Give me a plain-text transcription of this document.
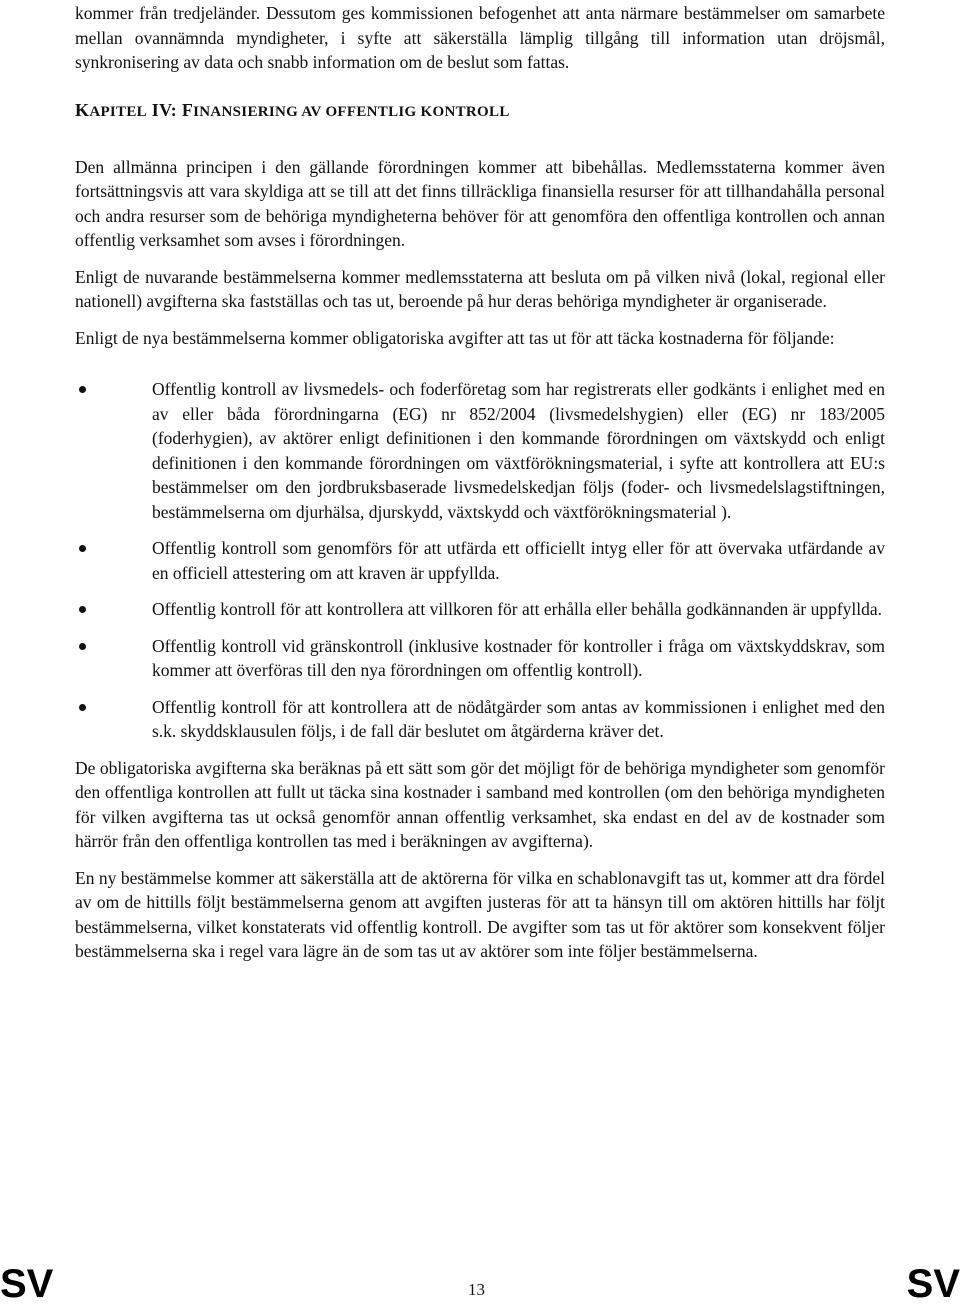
kommer från tredjeländer. Dessutom ges kommissionen befogenhet att anta närmare bestämmelser om samarbete mellan ovannämnda myndigheter, i syfte att säkerställa lämplig tillgång till information utan dröjsmål, synkronisering av data och snabb information om de beslut som fattas.

KAPITEL IV: FINANSIERING AV OFFENTLIG KONTROLL

Den allmänna principen i den gällande förordningen kommer att bibehållas. Medlemsstaterna kommer även fortsättningsvis att vara skyldiga att se till att det finns tillräckliga finansiella resurser för att tillhandahålla personal och andra resurser som de behöriga myndigheterna behöver för att genomföra den offentliga kontrollen och annan offentlig verksamhet som avses i förordningen.

Enligt de nuvarande bestämmelserna kommer medlemsstaterna att besluta om på vilken nivå (lokal, regional eller nationell) avgifterna ska fastställas och tas ut, beroende på hur deras behöriga myndigheter är organiserade.

Enligt de nya bestämmelserna kommer obligatoriska avgifter att tas ut för att täcka kostnaderna för följande:

Offentlig kontroll av livsmedels- och foderföretag som har registrerats eller godkänts i enlighet med en av eller båda förordningarna (EG) nr 852/2004 (livsmedelshygien) eller (EG) nr 183/2005 (foderhygien), av aktörer enligt definitionen i den kommande förordningen om växtskydd och enligt definitionen i den kommande förordningen om växtförökningsmaterial, i syfte att kontrollera att EU:s bestämmelser om den jordbruksbaserade livsmedelskedjan följs (foder- och livsmedelslagstiftningen, bestämmelserna om djurhälsa, djurskydd, växtskydd och växtförökningsmaterial ).
Offentlig kontroll som genomförs för att utfärda ett officiellt intyg eller för att övervaka utfärdande av en officiell attestering om att kraven är uppfyllda.
Offentlig kontroll för att kontrollera att villkoren för att erhålla eller behålla godkännanden är uppfyllda.
Offentlig kontroll vid gränskontroll (inklusive kostnader för kontroller i fråga om växtskyddskrav, som kommer att överföras till den nya förordningen om offentlig kontroll).
Offentlig kontroll för att kontrollera att de nödåtgärder som antas av kommissionen i enlighet med den s.k. skyddsklausulen följs, i de fall där beslutet om åtgärderna kräver det.

De obligatoriska avgifterna ska beräknas på ett sätt som gör det möjligt för de behöriga myndigheter som genomför den offentliga kontrollen att fullt ut täcka sina kostnader i samband med kontrollen (om den behöriga myndigheten för vilken avgifterna tas ut också genomför annan offentlig verksamhet, ska endast en del av de kostnader som härrör från den offentliga kontrollen tas med i beräkningen av avgifterna).

En ny bestämmelse kommer att säkerställa att de aktörerna för vilka en schablonavgift tas ut, kommer att dra fördel av om de hittills följt bestämmelserna genom att avgiften justeras för att ta hänsyn till om aktören hittills har följt bestämmelserna, vilket konstaterats vid offentlig kontroll. De avgifter som tas ut för aktörer som konsekvent följer bestämmelserna ska i regel vara lägre än de som tas ut av aktörer som inte följer bestämmelserna.

SV	13	SV
